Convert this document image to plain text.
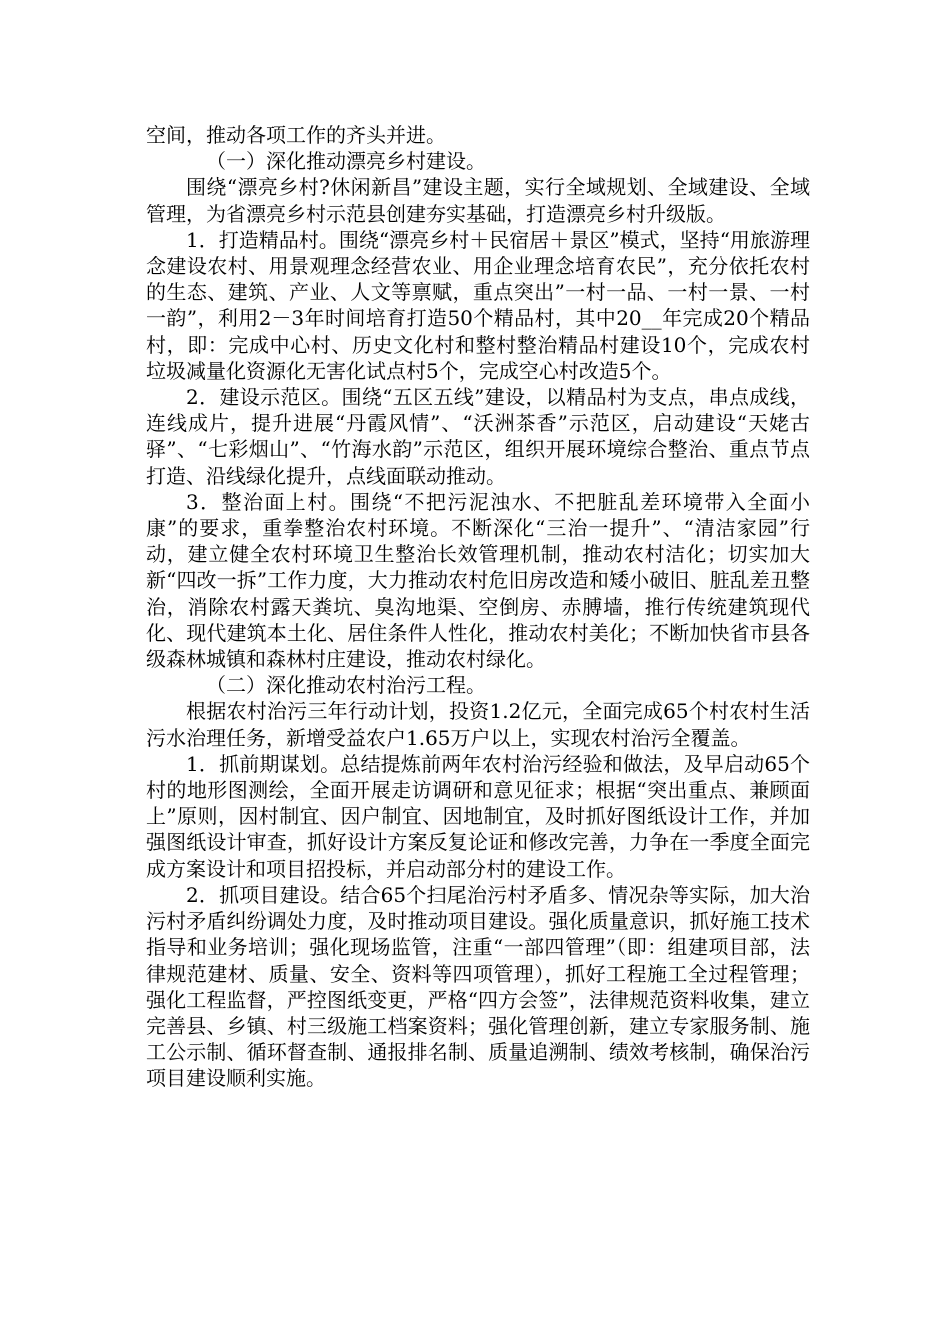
空间，推动各项工作的齐头并进。

（一）深化推动漂亮乡村建设。

围绕“漂亮乡村?休闲新昌”建设主题，实行全域规划、全域建设、全域管理，为省漂亮乡村示范县创建夯实基础，打造漂亮乡村升级版。

1．打造精品村。围绕“漂亮乡村＋民宿居＋景区”模式，坚持“用旅游理念建设农村、用景观理念经营农业、用企业理念培育农民”，充分依托农村的生态、建筑、产业、人文等禀赋，重点突出”一村一品、一村一景、一村一韵”，利用2－3年时间培育打造50个精品村，其中20__年完成20个精品村，即：完成中心村、历史文化村和整村整治精品村建设10个，完成农村垃圾减量化资源化无害化试点村5个，完成空心村改造5个。

2．建设示范区。围绕“五区五线”建设，以精品村为支点，串点成线，连线成片，提升进展“丹霞风情”、“沃洲茶香”示范区，启动建设“天姥古驿”、“七彩烟山”、“竹海水韵”示范区，组织开展环境综合整治、重点节点打造、沿线绿化提升，点线面联动推动。

3．整治面上村。围绕“不把污泥浊水、不把脏乱差环境带入全面小康”的要求，重拳整治农村环境。不断深化“三治一提升”、“清洁家园”行动，建立健全农村环境卫生整治长效管理机制，推动农村洁化；切实加大新“四改一拆”工作力度，大力推动农村危旧房改造和矮小破旧、脏乱差丑整治，消除农村露天粪坑、臭沟地渠、空倒房、赤膊墙，推行传统建筑现代化、现代建筑本土化、居住条件人性化，推动农村美化；不断加快省市县各级森林城镇和森林村庄建设，推动农村绿化。

（二）深化推动农村治污工程。

根据农村治污三年行动计划，投资1.2亿元，全面完成65个村农村生活污水治理任务，新增受益农户1.65万户以上，实现农村治污全覆盖。

1．抓前期谋划。总结提炼前两年农村治污经验和做法，及早启动65个村的地形图测绘，全面开展走访调研和意见征求；根据“突出重点、兼顾面上”原则，因村制宜、因户制宜、因地制宜，及时抓好图纸设计工作，并加强图纸设计审查，抓好设计方案反复论证和修改完善，力争在一季度全面完成方案设计和项目招投标，并启动部分村的建设工作。

2．抓项目建设。结合65个扫尾治污村矛盾多、情况杂等实际，加大治污村矛盾纠纷调处力度，及时推动项目建设。强化质量意识，抓好施工技术指导和业务培训；强化现场监管，注重“一部四管理”（即：组建项目部，法律规范建材、质量、安全、资料等四项管理），抓好工程施工全过程管理；强化工程监督，严控图纸变更，严格“四方会签”，法律规范资料收集，建立完善县、乡镇、村三级施工档案资料；强化管理创新，建立专家服务制、施工公示制、循环督查制、通报排名制、质量追溯制、绩效考核制，确保治污项目建设顺利实施。
